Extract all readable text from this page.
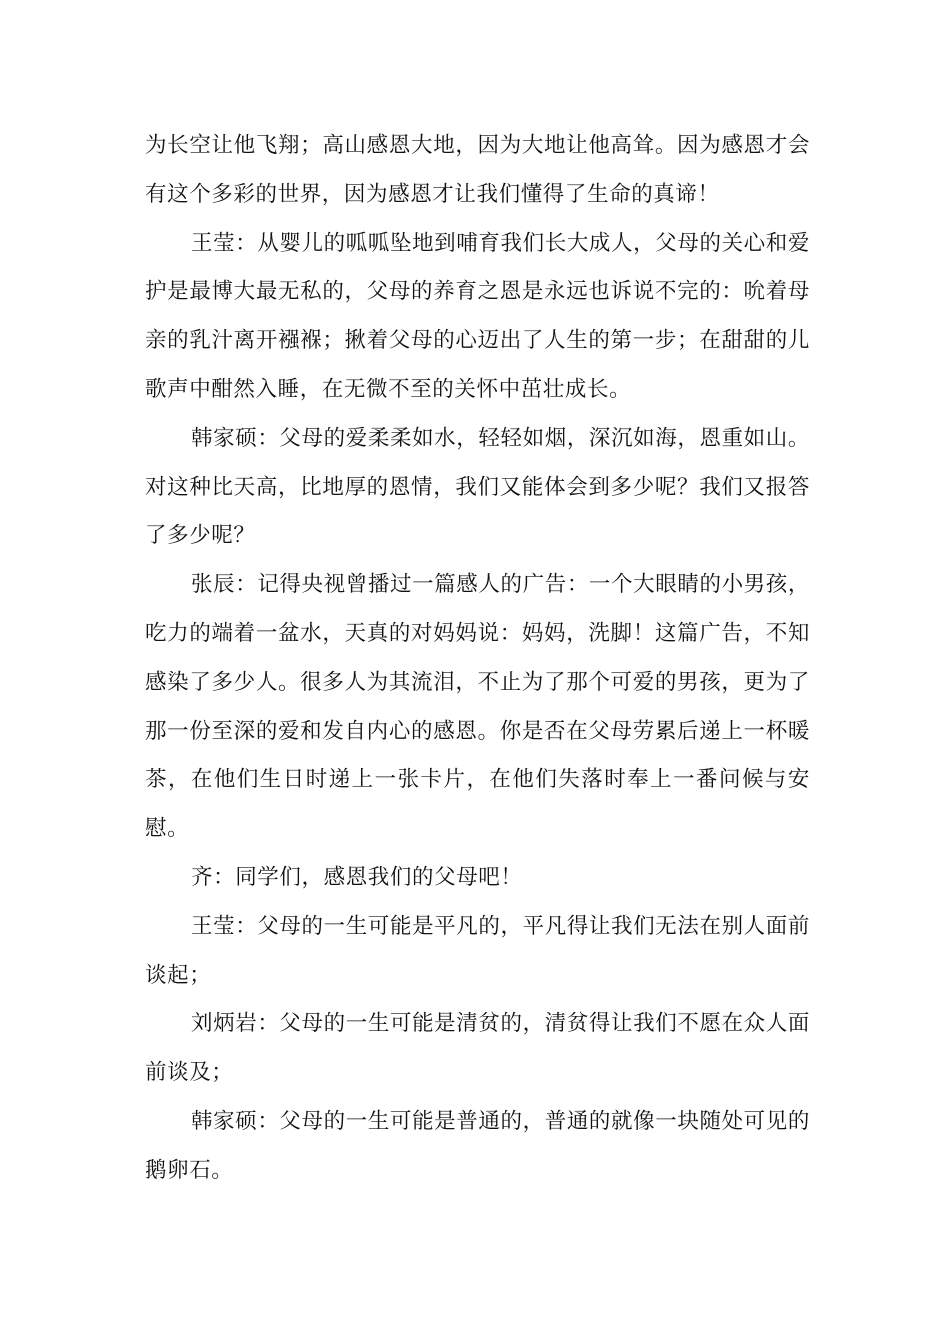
为长空让他飞翔；高山感恩大地，因为大地让他高耸。因为感恩才会有这个多彩的世界，因为感恩才让我们懂得了生命的真谛！

王莹：从婴儿的呱呱坠地到哺育我们长大成人，父母的关心和爱护是最博大最无私的，父母的养育之恩是永远也诉说不完的：吮着母亲的乳汁离开襁褓；揪着父母的心迈出了人生的第一步；在甜甜的儿歌声中酣然入睡，在无微不至的关怀中茁壮成长。

韩家硕：父母的爱柔柔如水，轻轻如烟，深沉如海，恩重如山。对这种比天高，比地厚的恩情，我们又能体会到多少呢？我们又报答了多少呢？

张辰：记得央视曾播过一篇感人的广告：一个大眼睛的小男孩，吃力的端着一盆水，天真的对妈妈说：妈妈，洗脚！这篇广告，不知感染了多少人。很多人为其流泪，不止为了那个可爱的男孩，更为了那一份至深的爱和发自内心的感恩。你是否在父母劳累后递上一杯暖茶，在他们生日时递上一张卡片，在他们失落时奉上一番问候与安慰。

齐：同学们，感恩我们的父母吧！

王莹：父母的一生可能是平凡的，平凡得让我们无法在别人面前谈起；

刘炳岩：父母的一生可能是清贫的，清贫得让我们不愿在众人面前谈及；

韩家硕：父母的一生可能是普通的，普通的就像一块随处可见的鹅卵石。
